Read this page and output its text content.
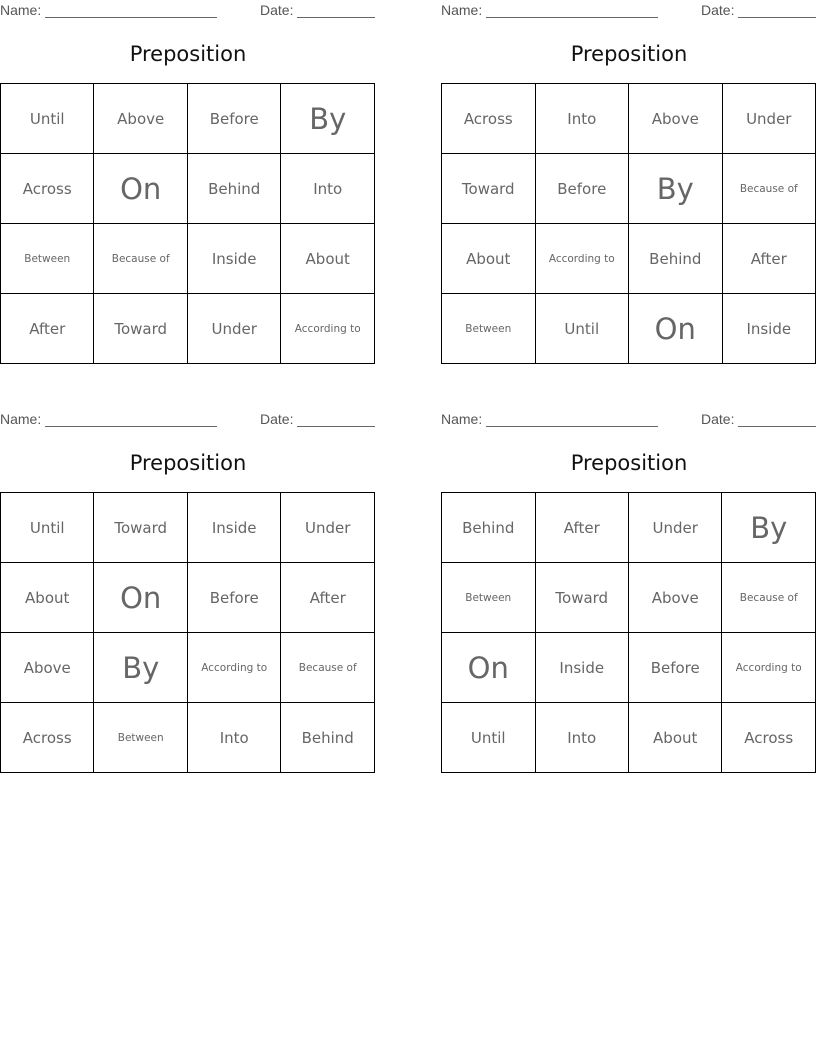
Name:	Date:
Preposition
Until	Above	Before	By
Across	On	Behind	Into
Between	Because of	Inside	About
After	Toward	Under	According to
Name:	Date:
Preposition
Across	Into	Above	Under
Toward	Before	By	Because of
About	According to	Behind	After
Between	Until	On	Inside
Name:	Date:
Preposition
Until	Toward	Inside	Under
About	On	Before	After
Above	By	According to	Because of
Across	Between	Into	Behind
Name:	Date:
Preposition
Behind	After	Under	By
Between	Toward	Above	Because of
On	Inside	Before	According to
Until	Into	About	Across
